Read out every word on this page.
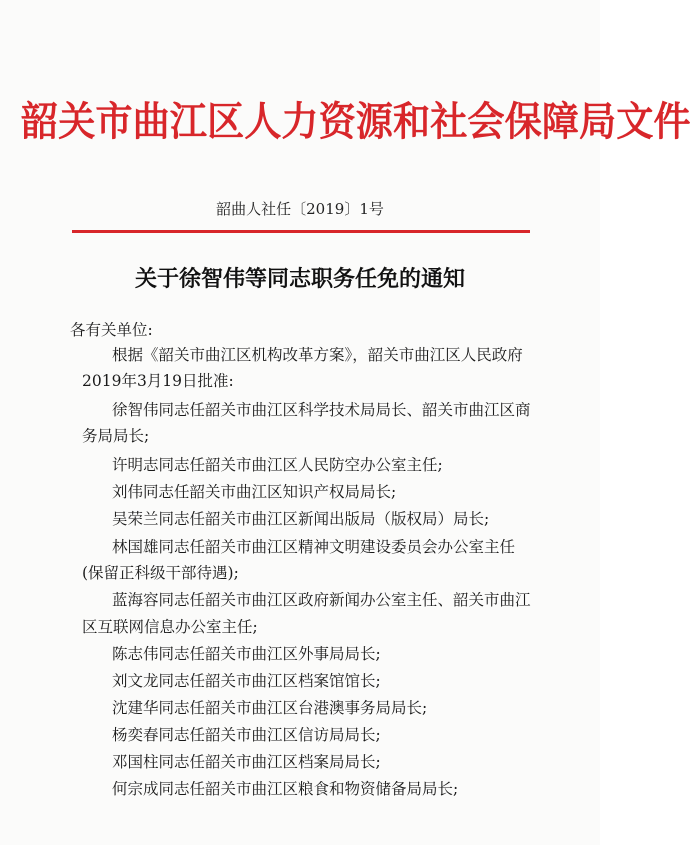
韶关市曲江区人力资源和社会保障局文件
韶曲人社任〔2019〕1号
关于徐智伟等同志职务任免的通知
各有关单位:
根据《韶关市曲江区机构改革方案》，韶关市曲江区人民政府
2019年3月19日批准:
徐智伟同志任韶关市曲江区科学技术局局长、韶关市曲江区商
务局局长;
许明志同志任韶关市曲江区人民防空办公室主任;
刘伟同志任韶关市曲江区知识产权局局长;
吴荣兰同志任韶关市曲江区新闻出版局（版权局）局长;
林国雄同志任韶关市曲江区精神文明建设委员会办公室主任
(保留正科级干部待遇);
蓝海容同志任韶关市曲江区政府新闻办公室主任、韶关市曲江
区互联网信息办公室主任;
陈志伟同志任韶关市曲江区外事局局长;
刘文龙同志任韶关市曲江区档案馆馆长;
沈建华同志任韶关市曲江区台港澳事务局局长;
杨奕春同志任韶关市曲江区信访局局长;
邓国柱同志任韶关市曲江区档案局局长;
何宗成同志任韶关市曲江区粮食和物资储备局局长;
